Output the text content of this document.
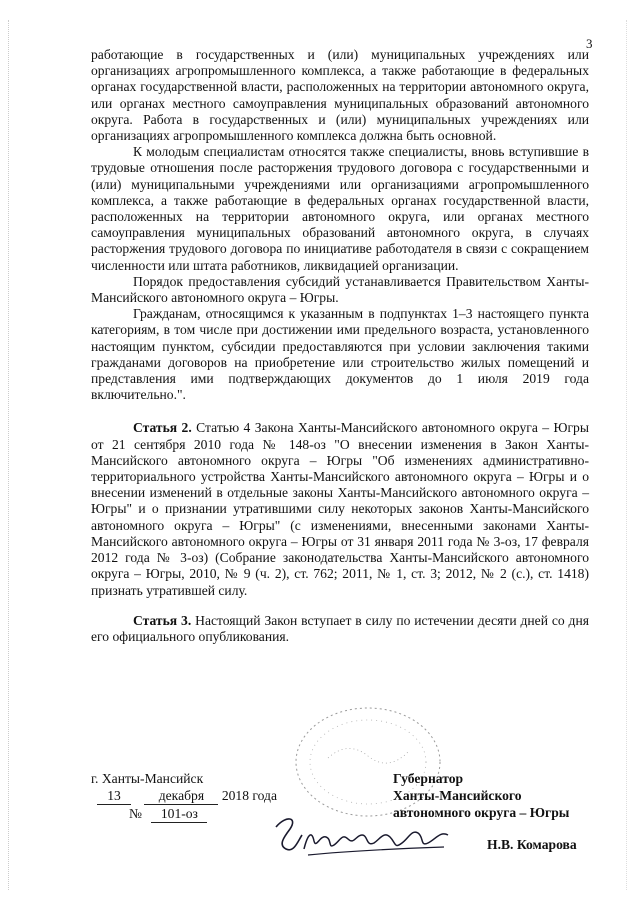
3

работающие в государственных и (или) муниципальных учреждениях или организациях агропромышленного комплекса, а также работающие в федеральных органах государственной власти, расположенных на территории автономного округа, или органах местного самоуправления муниципальных образований автономного округа. Работа в государственных и (или) муниципальных учреждениях или организациях агропромышленного комплекса должна быть основной.

К молодым специалистам относятся также специалисты, вновь вступившие в трудовые отношения после расторжения трудового договора с государственными и (или) муниципальными учреждениями или организациями агропромышленного комплекса, а также работающие в федеральных органах государственной власти, расположенных на территории автономного округа, или органах местного самоуправления муниципальных образований автономного округа, в случаях расторжения трудового договора по инициативе работодателя в связи с сокращением численности или штата работников, ликвидацией организации.

Порядок предоставления субсидий устанавливается Правительством Ханты-Мансийского автономного округа – Югры.

Гражданам, относящимся к указанным в подпунктах 1–3 настоящего пункта категориям, в том числе при достижении ими предельного возраста, установленного настоящим пунктом, субсидии предоставляются при условии заключения такими гражданами договоров на приобретение или строительство жилых помещений и представления ими подтверждающих документов до 1 июля 2019 года включительно.".

Статья 2. Статью 4 Закона Ханты-Мансийского автономного округа – Югры от 21 сентября 2010 года № 148-оз "О внесении изменения в Закон Ханты-Мансийского автономного округа – Югры "Об изменениях административно-территориального устройства Ханты-Мансийского автономного округа – Югры и о внесении изменений в отдельные законы Ханты-Мансийского автономного округа – Югры" и о признании утратившими силу некоторых законов Ханты-Мансийского автономного округа – Югры" (с изменениями, внесенными законами Ханты-Мансийского автономного округа – Югры от 31 января 2011 года № 3-оз, 17 февраля 2012 года № 3-оз) (Собрание законодательства Ханты-Мансийского автономного округа – Югры, 2010, № 9 (ч. 2), ст. 762; 2011, № 1, ст. 3; 2012, № 2 (с.), ст. 1418) признать утратившей силу.

Статья 3. Настоящий Закон вступает в силу по истечении десяти дней со дня его официального опубликования.

г. Ханты-Мансийск
13	декабря 2018 года
№ 101-оз
Губернатор
Ханты-Мансийского
автономного округа – Югры
Н.В. Комарова
